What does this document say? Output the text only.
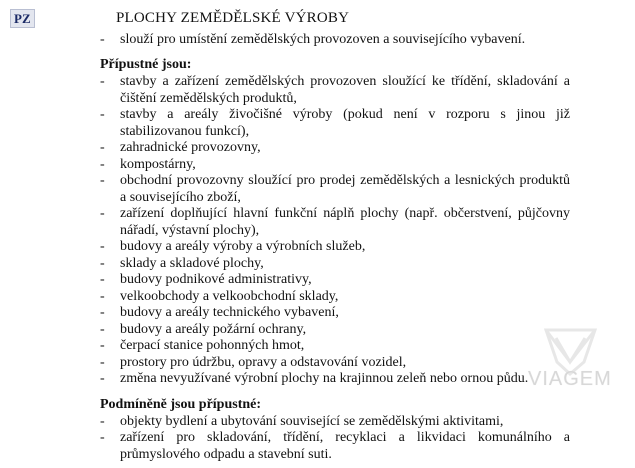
PZ	PLOCHY ZEMĚDĚLSKÉ VÝROBY
- slouží pro umístění zemědělských provozoven a souvisejícího vybavení.
Přípustné jsou:
- stavby a zařízení zemědělských provozoven sloužící ke třídění, skladování a čištění zemědělských produktů,
- stavby a areály živočišné výroby (pokud není v rozporu s jinou již stabilizovanou funkcí),
- zahradnické provozovny,
- kompostárny,
- obchodní provozovny sloužící pro prodej zemědělských a lesnických produktů a souvisejícího zboží,
- zařízení doplňující hlavní funkční náplň plochy (např. občerstvení, půjčovny nářadí, výstavní plochy),
- budovy a areály výroby a výrobních služeb,
- sklady a skladové plochy,
- budovy podnikové administrativy,
- velkoobchody a velkoobchodní sklady,
- budovy a areály technického vybavení,
- budovy a areály požární ochrany,
- čerpací stanice pohonných hmot,
- prostory pro údržbu, opravy a odstavování vozidel,
- změna nevyužívané výrobní plochy na krajinnou zeleň nebo ornou půdu.
Podmíněně jsou přípustné:
- objekty bydlení a ubytování související se zemědělskými aktivitami,
- zařízení pro skladování, třídění, recyklaci a likvidaci komunálního a průmyslového odpadu a stavební suti.
VIAGEM
